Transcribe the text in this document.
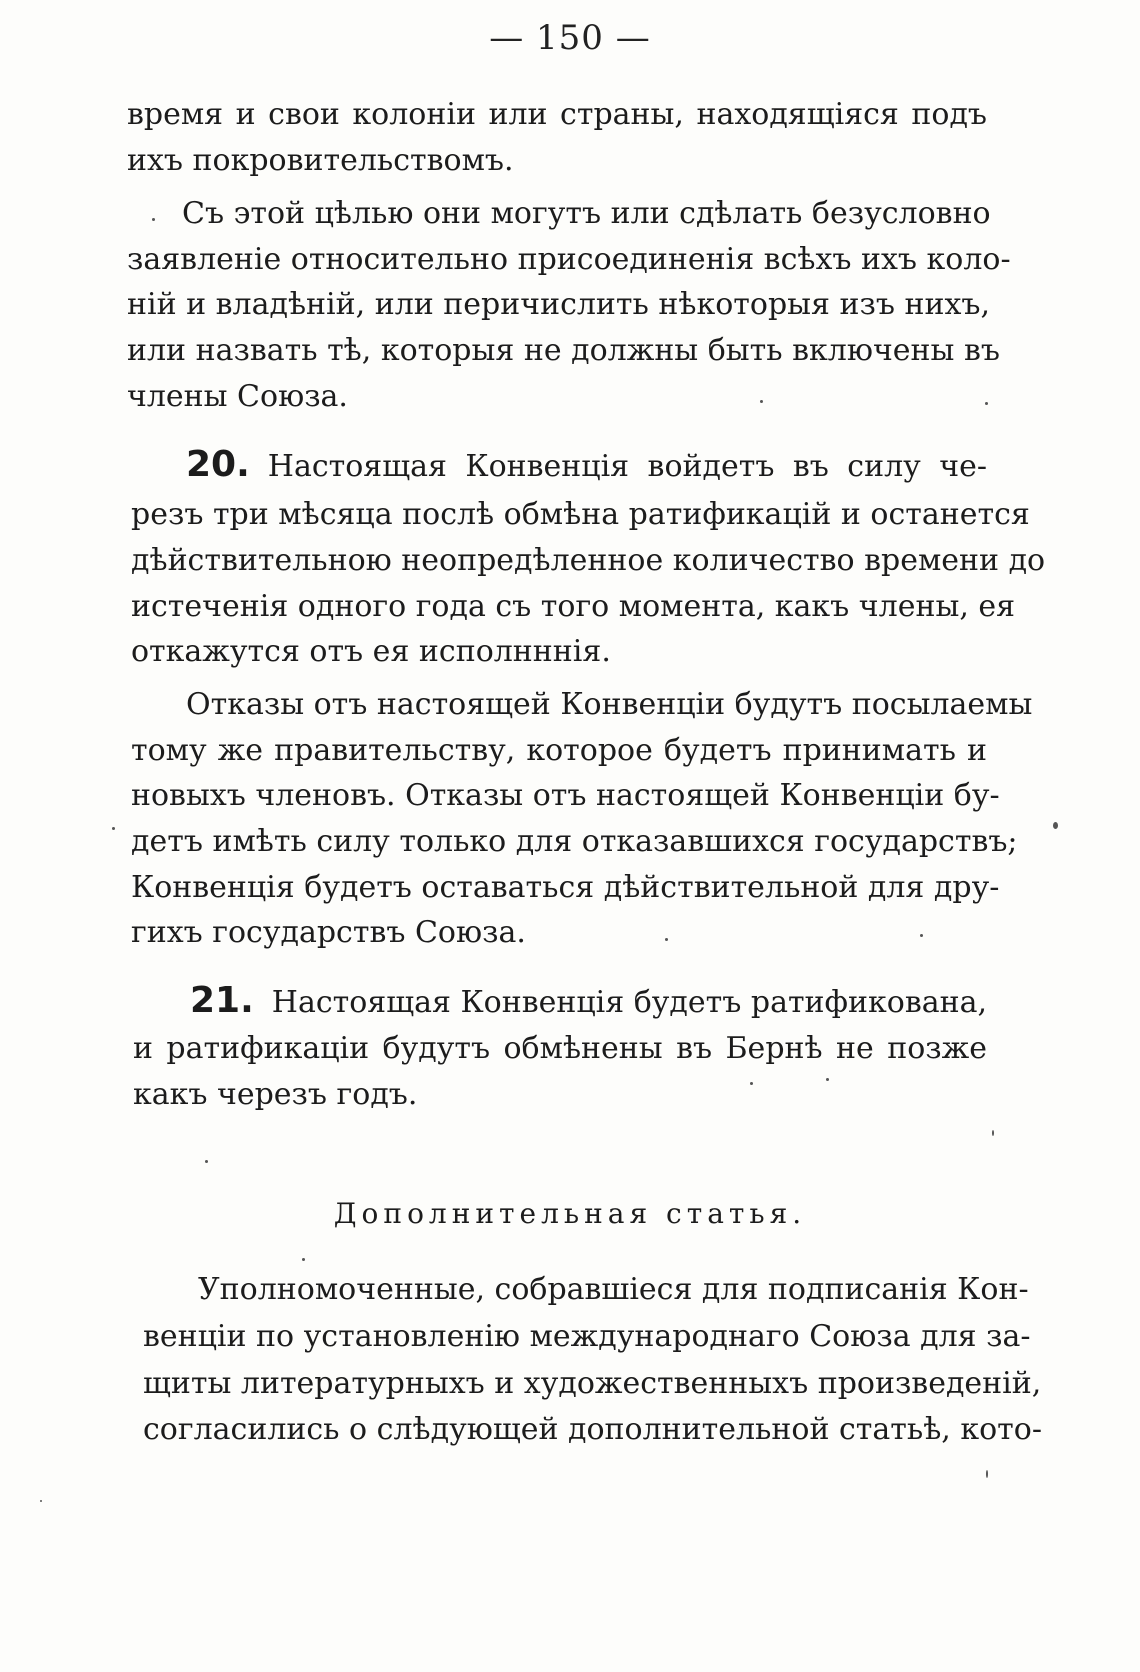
— 150 —
время и свои колоніи или страны, находящіяся подъ
ихъ покровительствомъ.
Съ этой цѣлью они могутъ или сдѣлать безусловно
заявленіе относительно присоединенія всѣхъ ихъ коло-
ній и владѣній, или перичислить нѣкоторыя изъ нихъ,
или назвать тѣ, которыя не должны быть включены въ
члены Союза.
20. Настоящая Конвенція войдетъ въ силу че-
резъ три мѣсяца послѣ обмѣна ратификацій и останется
дѣйствительною неопредѣленное количество времени до
истеченія одного года съ того момента, какъ члены, ея
откажутся отъ ея исполнннія.
Отказы отъ настоящей Конвенціи будутъ посылаемы
тому же правительству, которое будетъ принимать и
новыхъ членовъ. Отказы отъ настоящей Конвенціи бу-
детъ имѣть силу только для отказавшихся государствъ;
Конвенція будетъ оставаться дѣйствительной для дру-
гихъ государствъ Союза.
21. Настоящая Конвенція будетъ ратификована,
и ратификаціи будутъ обмѣнены въ Бернѣ не позже
какъ черезъ годъ.
Дополнительная статья.
Уполномоченные, собравшіеся для подписанія Кон-
венціи по установленію международнаго Союза для за-
щиты литературныхъ и художественныхъ произведеній,
согласились о слѣдующей дополнительной статьѣ, кото-
